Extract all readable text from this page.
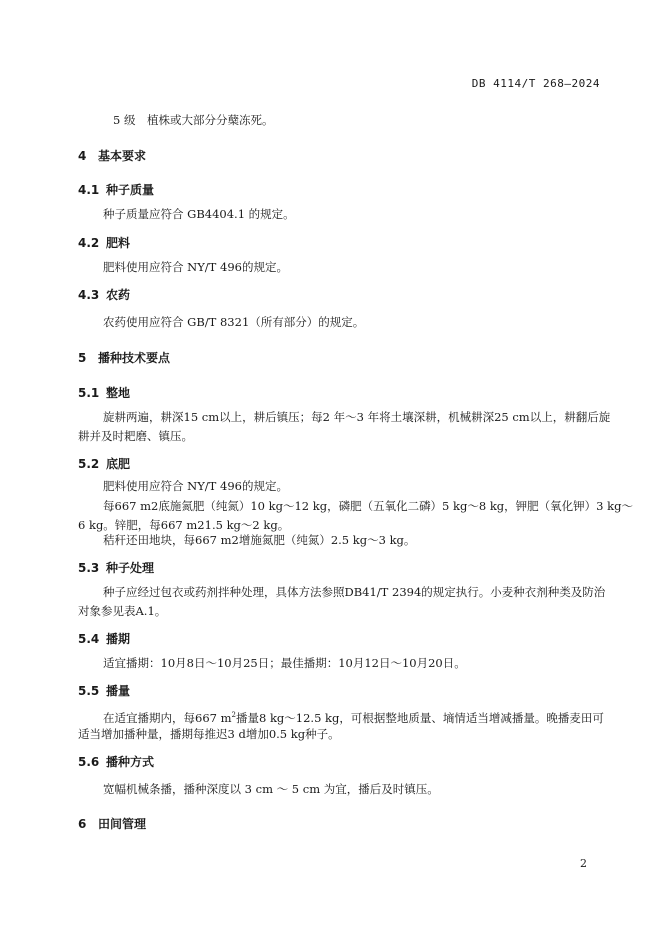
DB 4114/T 268—2024
5 级　植株或大部分分蘖冻死。
4 基本要求
4.1 种子质量
种子质量应符合 GB4404.1 的规定。
4.2 肥料
肥料使用应符合 NY/T 496的规定。
4.3 农药
农药使用应符合 GB/T 8321（所有部分）的规定。
5 播种技术要点
5.1 整地
旋耕两遍，耕深15 cm以上，耕后镇压；每2 年～3 年将土壤深耕，机械耕深25 cm以上，耕翻后旋
耕并及时耙磨、镇压。
5.2 底肥
肥料使用应符合 NY/T 496的规定。
每667 m2底施氮肥（纯氮）10 kg～12 kg，磷肥（五氧化二磷）5 kg～8 kg，钾肥（氧化钾）3 kg～
6 kg。锌肥，每667 m21.5 kg～2 kg。
秸秆还田地块，每667 m2增施氮肥（纯氮）2.5 kg～3 kg。
5.3 种子处理
种子应经过包衣或药剂拌种处理，具体方法参照DB41/T 2394的规定执行。小麦种衣剂种类及防治
对象参见表A.1。
5.4 播期
适宜播期：10月8日～10月25日；最佳播期：10月12日～10月20日。
5.5 播量
在适宜播期内，每667 $m^2$播量8 kg～12.5 kg，可根据整地质量、墒情适当增减播量。晚播麦田可
适当增加播种量，播期每推迟3 d增加0.5 kg种子。
5.6 播种方式
宽幅机械条播，播种深度以 3 cm ～ 5 cm 为宜，播后及时镇压。
6 田间管理
2
